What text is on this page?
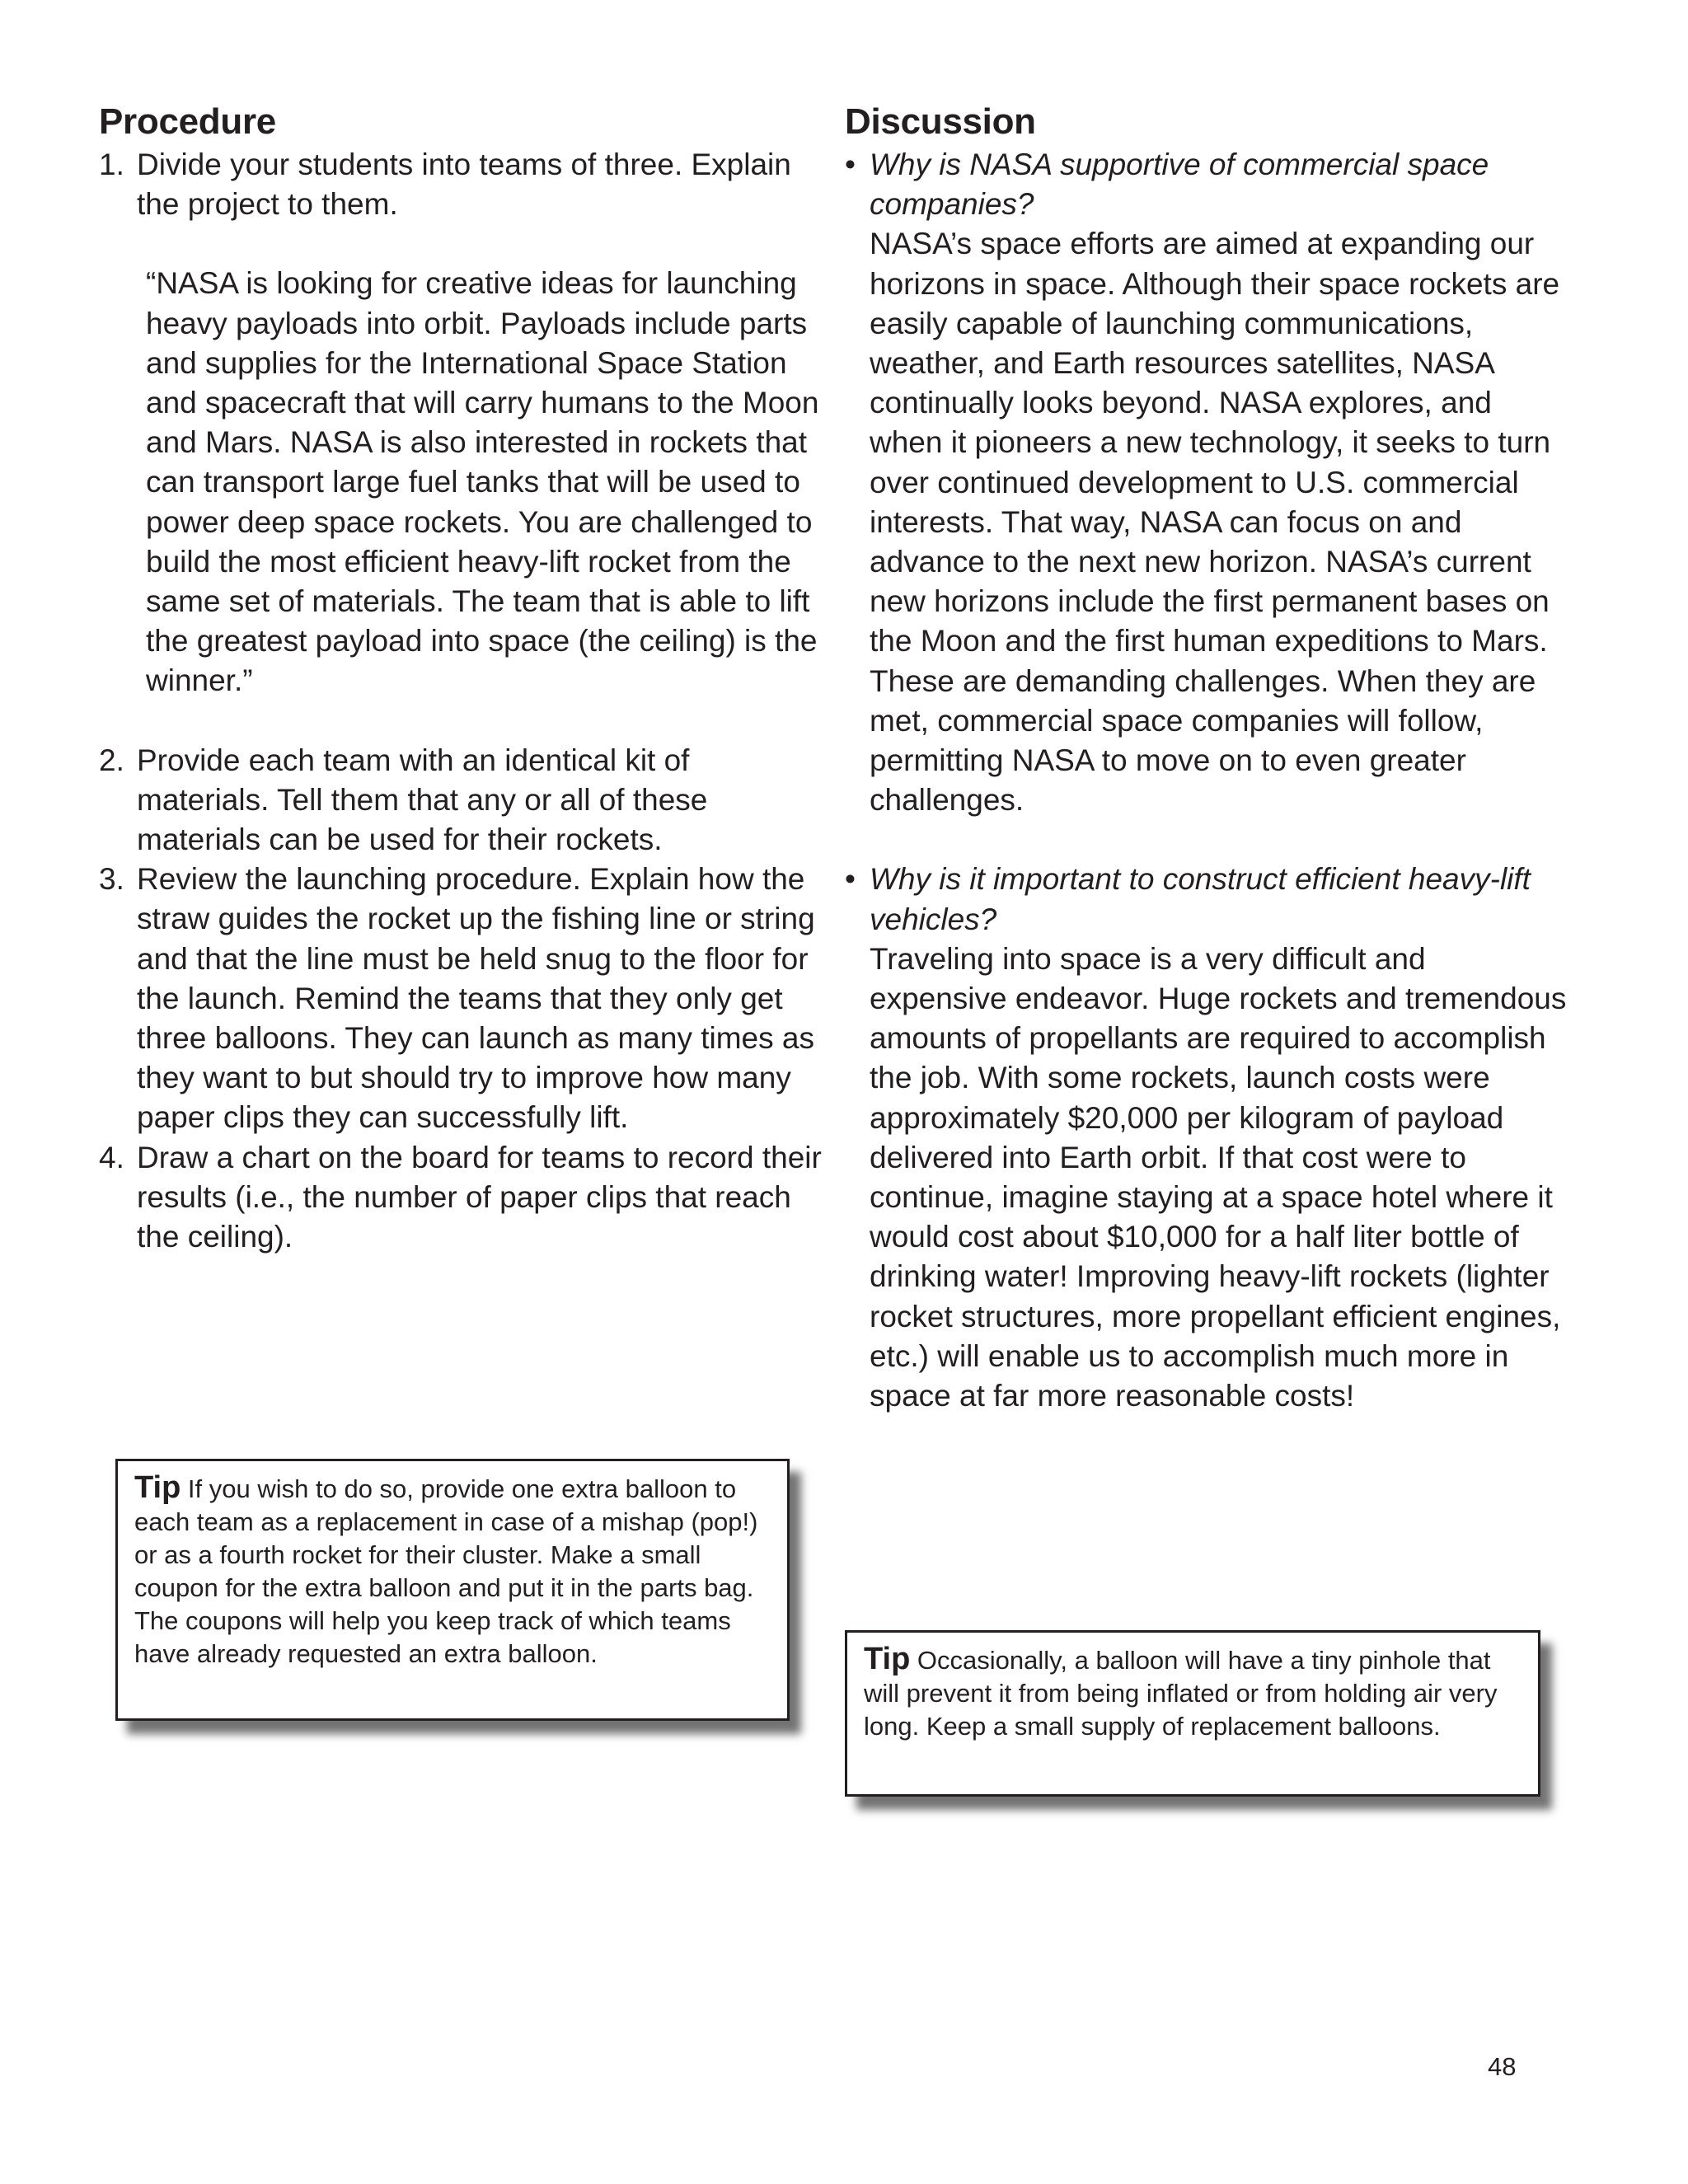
Procedure
1. Divide your students into teams of three. Explain the project to them.
“NASA is looking for creative ideas for launching heavy payloads into orbit. Payloads include parts and supplies for the International Space Station and spacecraft that will carry humans to the Moon and Mars. NASA is also interested in rockets that can transport large fuel tanks that will be used to power deep space rockets. You are challenged to build the most efficient heavy-lift rocket from the same set of materials. The team that is able to lift the greatest payload into space (the ceiling) is the winner.”
2. Provide each team with an identical kit of materials. Tell them that any or all of these materials can be used for their rockets.
3. Review the launching procedure. Explain how the straw guides the rocket up the fishing line or string and that the line must be held snug to the floor for the launch. Remind the teams that they only get three balloons. They can launch as many times as they want to but should try to improve how many paper clips they can successfully lift.
4. Draw a chart on the board for teams to record their results (i.e., the number of paper clips that reach the ceiling).
Tip If you wish to do so, provide one extra balloon to each team as a replacement in case of a mishap (pop!) or as a fourth rocket for their cluster. Make a small coupon for the extra balloon and put it in the parts bag. The coupons will help you keep track of which teams have already requested an extra balloon.
Discussion
• Why is NASA supportive of commercial space companies?
NASA’s space efforts are aimed at expanding our horizons in space. Although their space rockets are easily capable of launching communications, weather, and Earth resources satellites, NASA continually looks beyond. NASA explores, and when it pioneers a new technology, it seeks to turn over continued development to U.S. commercial interests. That way, NASA can focus on and advance to the next new horizon. NASA’s current new horizons include the first permanent bases on the Moon and the first human expeditions to Mars. These are demanding challenges. When they are met, commercial space companies will follow, permitting NASA to move on to even greater challenges.
• Why is it important to construct efficient heavy-lift vehicles?
Traveling into space is a very difficult and expensive endeavor. Huge rockets and tremendous amounts of propellants are required to accomplish the job. With some rockets, launch costs were approximately $20,000 per kilogram of payload delivered into Earth orbit. If that cost were to continue, imagine staying at a space hotel where it would cost about $10,000 for a half liter bottle of drinking water! Improving heavy-lift rockets (lighter rocket structures, more propellant efficient engines, etc.) will enable us to accomplish much more in space at far more reasonable costs!
Tip Occasionally, a balloon will have a tiny pinhole that will prevent it from being inflated or from holding air very long. Keep a small supply of replacement balloons.
48
